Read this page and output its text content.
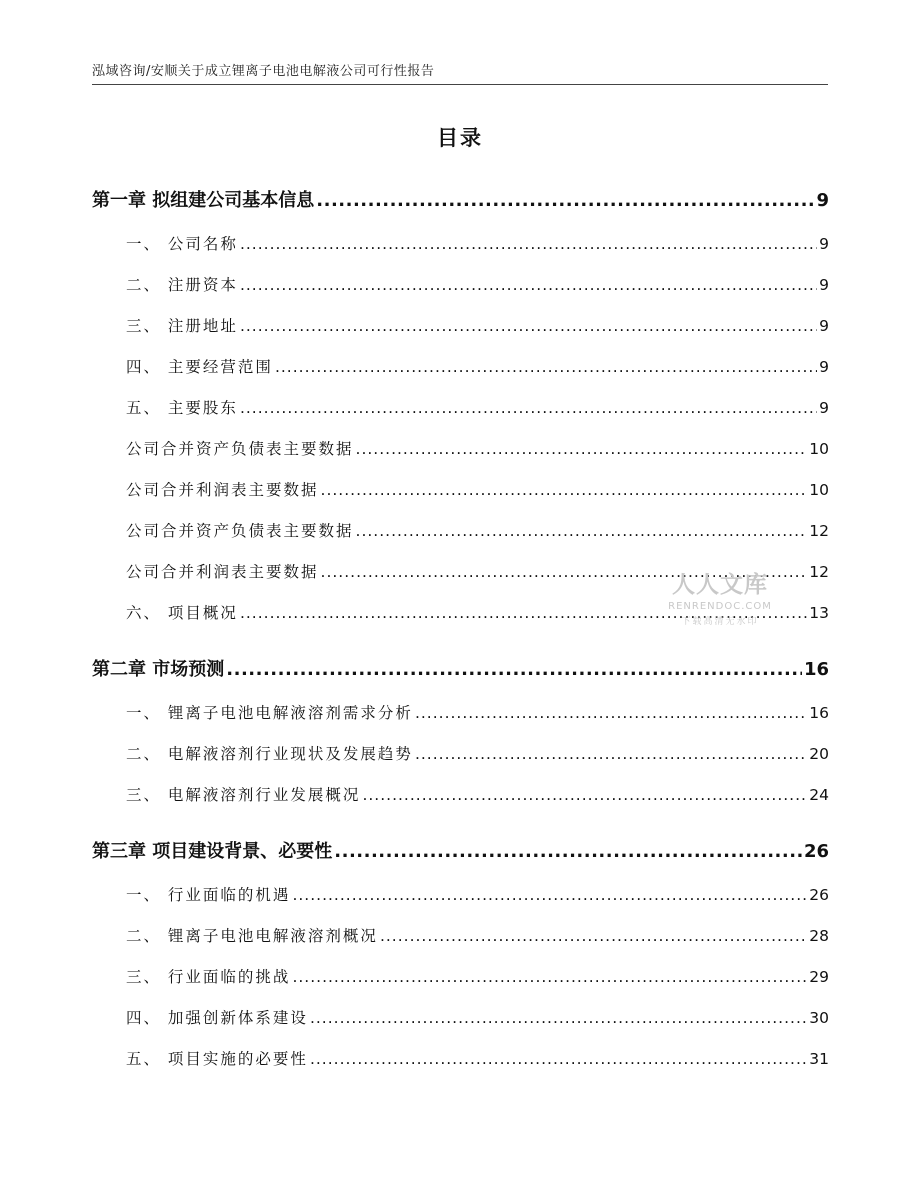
泓域咨询/安顺关于成立锂离子电池电解液公司可行性报告
目录
第一章 拟组建公司基本信息 .....	9
一、 公司名称 .....	9
二、 注册资本 .....	9
三、 注册地址 .....	9
四、 主要经营范围 .....	9
五、 主要股东 .....	9
公司合并资产负债表主要数据 .....	10
公司合并利润表主要数据 .....	10
公司合并资产负债表主要数据 .....	12
公司合并利润表主要数据 .....	12
六、 项目概况 .....	13
第二章 市场预测 .....	16
一、 锂离子电池电解液溶剂需求分析 .....	16
二、 电解液溶剂行业现状及发展趋势 .....	20
三、 电解液溶剂行业发展概况 .....	24
第三章 项目建设背景、必要性 .....	26
一、 行业面临的机遇 .....	26
二、 锂离子电池电解液溶剂概况 .....	28
三、 行业面临的挑战 .....	29
四、 加强创新体系建设 .....	30
五、 项目实施的必要性 .....	31
人人文库
RENRENDOC.COM
下载高清无水印
